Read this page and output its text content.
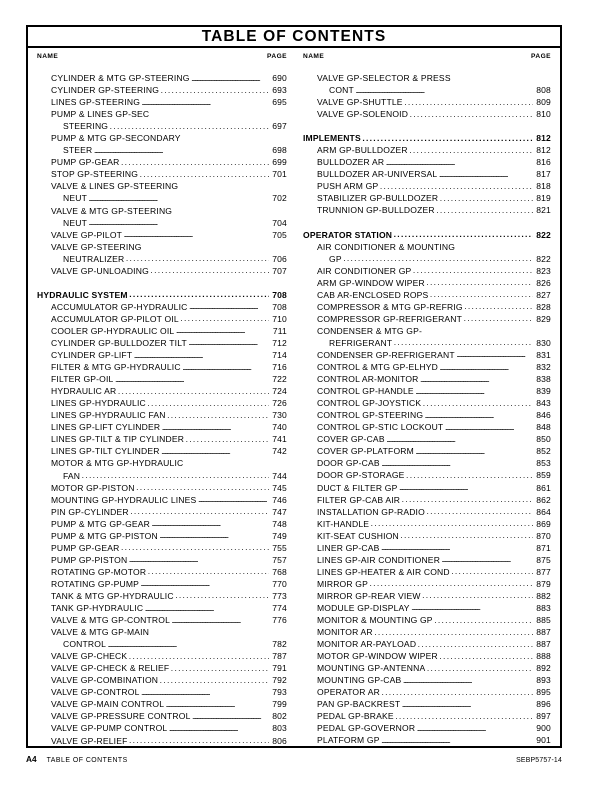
TABLE OF CONTENTS
NAME	PAGE
CYLINDER & MTG GP-STEERING . . .	690
CYLINDER GP-STEERING . . .	693
LINES GP-STEERING . . .	695
PUMP & LINES GP-SEC
STEERING . . .	697
PUMP & MTG GP-SECONDARY
STEER . . .	698
PUMP GP-GEAR . . .	699
STOP GP-STEERING . . .	701
VALVE & LINES GP-STEERING
NEUT . . .	702
VALVE & MTG GP-STEERING
NEUT . . .	704
VALVE GP-PILOT . . .	705
VALVE GP-STEERING
NEUTRALIZER . . .	706
VALVE GP-UNLOADING . . .	707
HYDRAULIC SYSTEM . . .	708
ACCUMULATOR GP-HYDRAULIC . . .	708
ACCUMULATOR GP-PILOT OIL . . .	710
COOLER GP-HYDRAULIC OIL . . .	711
CYLINDER GP-BULLDOZER TILT . . .	712
CYLINDER GP-LIFT . . .	714
FILTER & MTG GP-HYDRAULIC . . .	716
FILTER GP-OIL . . .	722
HYDRAULIC AR . . .	724
LINES GP-HYDRAULIC . . .	726
LINES GP-HYDRAULIC FAN . . .	730
LINES GP-LIFT CYLINDER . . .	740
LINES GP-TILT & TIP CYLINDER . . .	741
LINES GP-TILT CYLINDER . . .	742
MOTOR & MTG GP-HYDRAULIC
FAN . . .	744
MOTOR GP-PISTON . . .	745
MOUNTING GP-HYDRAULIC LINES . . .	746
PIN GP-CYLINDER . . .	747
PUMP & MTG GP-GEAR . . .	748
PUMP & MTG GP-PISTON . . .	749
PUMP GP-GEAR . . .	755
PUMP GP-PISTON . . .	757
ROTATING GP-MOTOR . . .	768
ROTATING GP-PUMP . . .	770
TANK & MTG GP-HYDRAULIC . . .	773
TANK GP-HYDRAULIC . . .	774
VALVE & MTG GP-CONTROL . . .	776
VALVE & MTG GP-MAIN
CONTROL . . .	782
VALVE GP-CHECK . . .	787
VALVE GP-CHECK & RELIEF . . .	791
VALVE GP-COMBINATION . . .	792
VALVE GP-CONTROL . . .	793
VALVE GP-MAIN CONTROL . . .	799
VALVE GP-PRESSURE CONTROL . . .	802
VALVE GP-PUMP CONTROL . . .	803
VALVE GP-RELIEF . . .	806
NAME	PAGE
VALVE GP-SELECTOR & PRESS
CONT . . .	808
VALVE GP-SHUTTLE . . .	809
VALVE GP-SOLENOID . . .	810
IMPLEMENTS . . .	812
ARM GP-BULLDOZER . . .	812
BULLDOZER AR . . .	816
BULLDOZER AR-UNIVERSAL . . .	817
PUSH ARM GP . . .	818
STABILIZER GP-BULLDOZER . . .	819
TRUNNION GP-BULLDOZER . . .	821
OPERATOR STATION . . .	822
AIR CONDITIONER & MOUNTING
GP . . .	822
AIR CONDITIONER GP . . .	823
ARM GP-WINDOW WIPER . . .	826
CAB AR-ENCLOSED ROPS . . .	827
COMPRESSOR & MTG GP-REFRIG . . .	828
COMPRESSOR GP-REFRIGERANT . . .	829
CONDENSER & MTG GP-
REFRIGERANT . . .	830
CONDENSER GP-REFRIGERANT . . .	831
CONTROL & MTG GP-ELHYD . . .	832
CONTROL AR-MONITOR . . .	838
CONTROL GP-HANDLE . . .	839
CONTROL GP-JOYSTICK . . .	843
CONTROL GP-STEERING . . .	846
CONTROL GP-STIC LOCKOUT . . .	848
COVER GP-CAB . . .	850
COVER GP-PLATFORM . . .	852
DOOR GP-CAB . . .	853
DOOR GP-STORAGE . . .	859
DUCT & FILTER GP . . .	861
FILTER GP-CAB AIR . . .	862
INSTALLATION GP-RADIO . . .	864
KIT-HANDLE . . .	869
KIT-SEAT CUSHION . . .	870
LINER GP-CAB . . .	871
LINES GP-AIR CONDITIONER . . .	875
LINES GP-HEATER & AIR COND . . .	877
MIRROR GP . . .	879
MIRROR GP-REAR VIEW . . .	882
MODULE GP-DISPLAY . . .	883
MONITOR & MOUNTING GP . . .	885
MONITOR AR . . .	887
MONITOR AR-PAYLOAD . . .	887
MOTOR GP-WINDOW WIPER . . .	888
MOUNTING GP-ANTENNA . . .	892
MOUNTING GP-CAB . . .	893
OPERATOR AR . . .	895
PAN GP-BACKREST . . .	896
PEDAL GP-BRAKE . . .	897
PEDAL GP-GOVERNOR . . .	900
PLATFORM GP . . .	901
A4 TABLE OF CONTENTS	SEBP5757-14
